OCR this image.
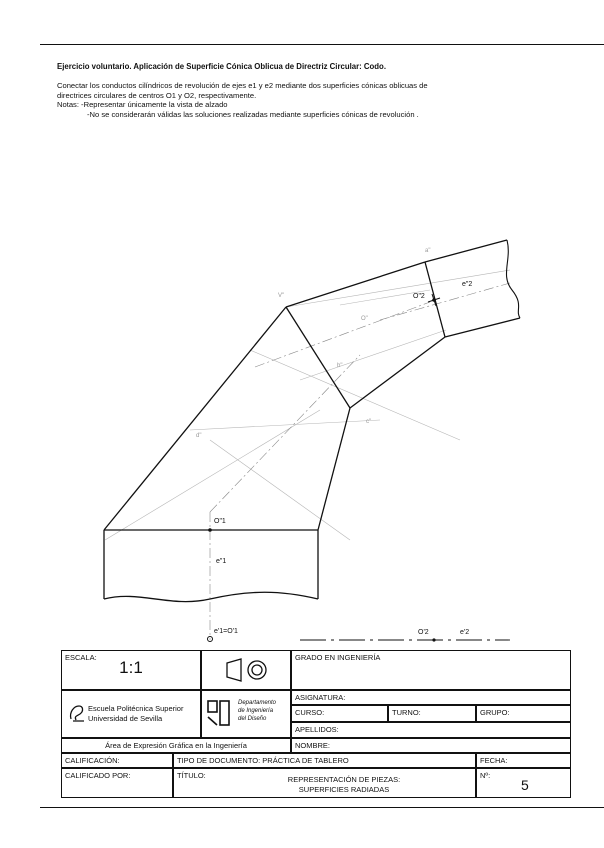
Ejercicio voluntario. Aplicación de Superficie Cónica Oblicua de Directriz Circular: Codo.

Conectar los conductos cilíndricos de revolución de ejes e1 y e2 mediante dos superficies cónicas oblicuas de

directrices circulares de centros O1 y O2, respectivamente.

Notas: -Representar únicamente la vista de alzado

-No se considerarán válidas las soluciones realizadas mediante superficies cónicas de revolución .

O"1
e"1
O"2
e"2
a"
V"
O"
b"
c"
d"
e'1=O'1	O'2	e'2
ESCALA:
1:1
GRADO EN INGENIERÍA
Escuela Politécnica Superior
Universidad de Sevilla
Departamento
de Ingeniería
del Diseño
ASIGNATURA:
CURSO:	TURNO:	GRUPO:
APELLIDOS:
Área de Expresión Gráfica en la Ingeniería	NOMBRE:
CALIFICACIÓN:	TIPO DE DOCUMENTO: PRÁCTICA DE TABLERO	FECHA:
CALIFICADO POR:	TÍTULO:	REPRESENTACIÓN DE PIEZAS:
SUPERFICIES RADIADAS
Nº:
5
